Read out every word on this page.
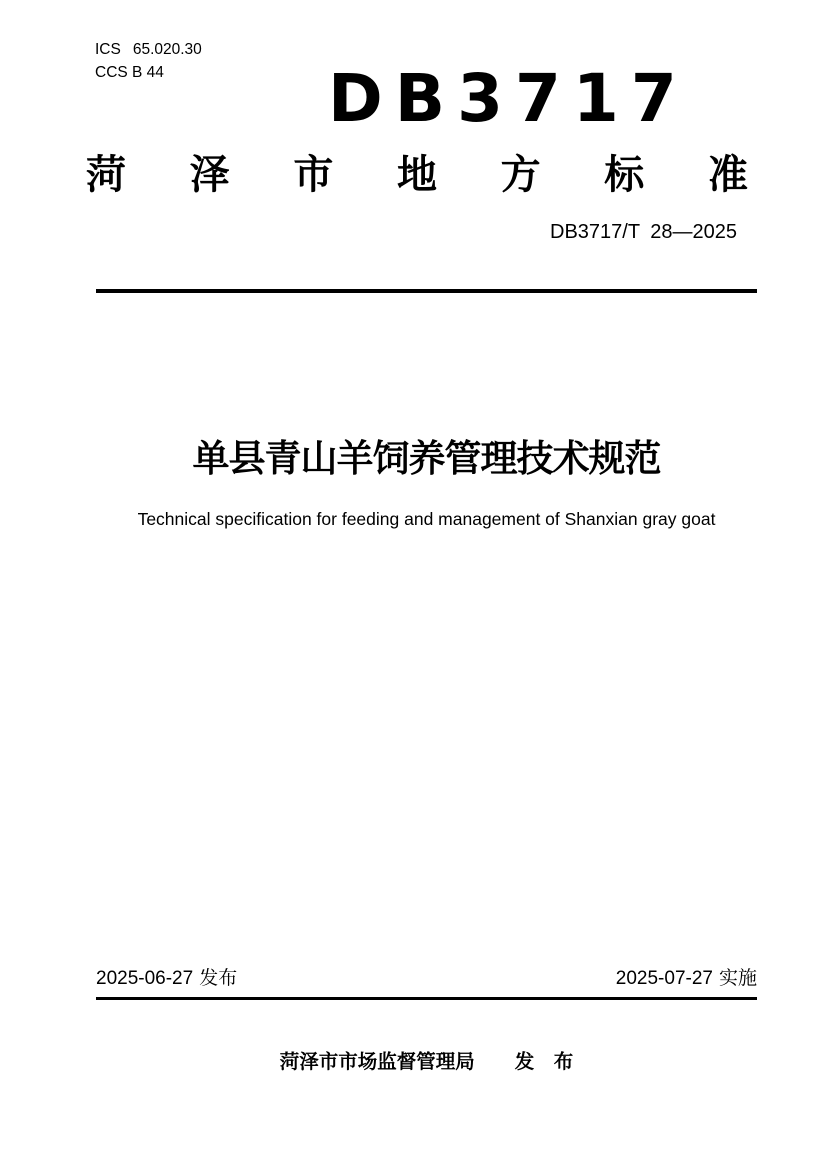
ICS 65.020.30
CCS B 44 DB3717
菏 泽 市 地 方 标 准
DB3717/T 28—2025
单县青山羊饲养管理技术规范
Technical specification for feeding and management of Shanxian gray goat
2025-06-27 发布	2025-07-27 实施
菏泽市市场监督管理局 发　布
